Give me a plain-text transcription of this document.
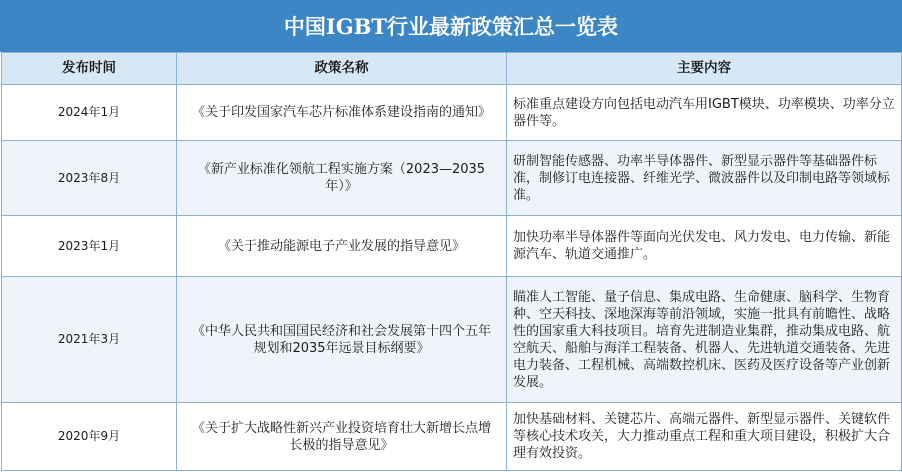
中国IGBT行业最新政策汇总一览表
发布时间	政策名称	主要内容
2024年1月	《关于印发国家汽车芯片标准体系建设指南的通知》	标准重点建设方向包括电动汽车用IGBT模块、功率模块、功率分立器件等。
2023年8月	《新产业标准化领航工程实施方案（2023—2035年）》	研制智能传感器、功率半导体器件、新型显示器件等基础器件标准，制修订电连接器、纤维光学、微波器件以及印制电路等领域标准。
2023年1月	《关于推动能源电子产业发展的指导意见》	加快功率半导体器件等面向光伏发电、风力发电、电力传输、新能源汽车、轨道交通推广。
2021年3月	《中华人民共和国国民经济和社会发展第十四个五年规划和2035年远景目标纲要》	瞄准人工智能、量子信息、集成电路、生命健康、脑科学、生物育种、空天科技、深地深海等前沿领域，实施一批具有前瞻性、战略性的国家重大科技项目。培育先进制造业集群，推动集成电路、航空航天、船舶与海洋工程装备、机器人、先进轨道交通装备、先进电力装备、工程机械、高端数控机床、医药及医疗设备等产业创新发展。
2020年9月	《关于扩大战略性新兴产业投资培育壮大新增长点增长极的指导意见》	加快基础材料、关键芯片、高端元器件、新型显示器件、关键软件等核心技术攻关，大力推动重点工程和重大项目建设，积极扩大合理有效投资。
